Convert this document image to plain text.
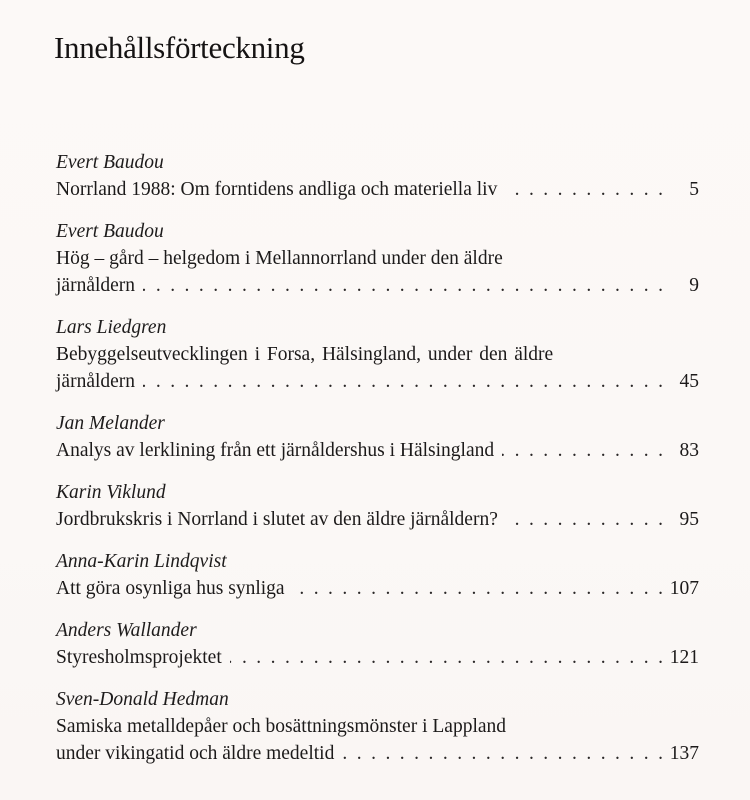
Innehållsförteckning
Evert Baudou
Norrland 1988: Om forntidens andliga och materiella liv . . .	5
Evert Baudou
Hög – gård – helgedom i Mellannorrland under den äldre
järnåldern . . .	9
Lars Liedgren
Bebyggelseutvecklingen i Forsa, Hälsingland, under den äldre
järnåldern . . .	45
Jan Melander
Analys av lerklining från ett järnåldershus i Hälsingland . . .	83
Karin Viklund
Jordbrukskris i Norrland i slutet av den äldre järnåldern? . . .	95
Anna-Karin Lindqvist
Att göra osynliga hus synliga . . .	107
Anders Wallander
Styresholmsprojektet . . .	121
Sven-Donald Hedman
Samiska metalldepåer och bosättningsmönster i Lappland
under vikingatid och äldre medeltid . . .	137
